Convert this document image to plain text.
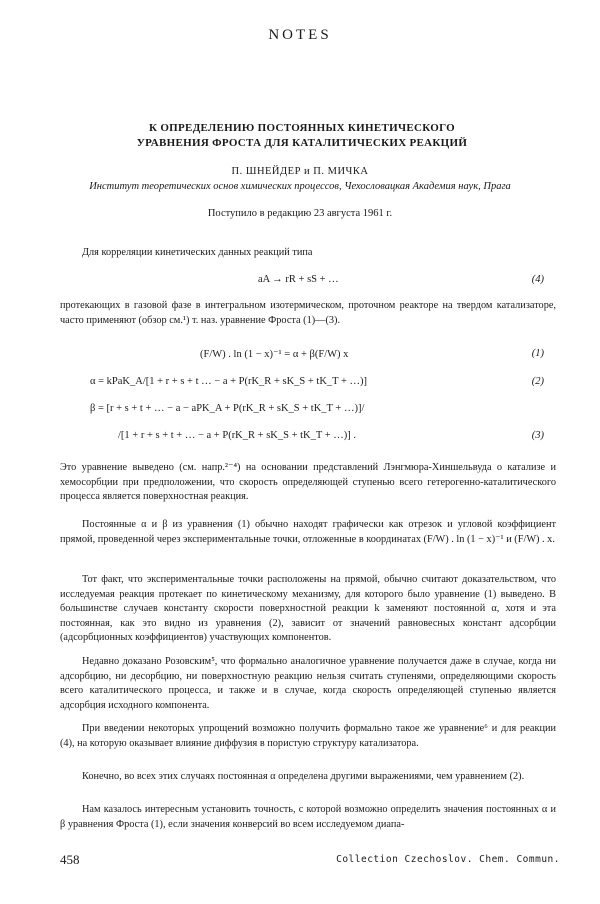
NOTES
К ОПРЕДЕЛЕНИЮ ПОСТОЯННЫХ КИНЕТИЧЕСКОГО
УРАВНЕНИЯ ФРОСТА ДЛЯ КАТАЛИТИЧЕСКИХ РЕАКЦИЙ
П. ШНЕЙДЕР и П. МИЧКА
Институт теоретических основ химических процессов, Чехословацкая Академия наук, Прага
Поступило в редакцию 23 августа 1961 г.
Для корреляции кинетических данных реакций типа
aA → rR + sS + …	(4)
протекающих в газовой фазе в интегральном изотермическом, проточном реакторе на твердом катализаторе, часто применяют (обзор см.¹) т. наз. уравнение Фроста (1)—(3).
(F/W) . ln (1 − x)⁻¹ = α + β(F/W) x	(1)
α = kPaK_A/[1 + r + s + t … − a + P(rK_R + sK_S + tK_T + …)]	(2)
β = [r + s + t + … − a − aPK_A + P(rK_R + sK_S + tK_T + …)]/
/[1 + r + s + t + … − a + P(rK_R + sK_S + tK_T + …)] .	(3)
Это уравнение выведено (см. напр.²⁻⁴) на основании представлений Лэнгмюра-Хиншельвуда о катализе и хемосорбции при предположении, что скорость определяющей ступенью всего гетерогенно-каталитического процесса является поверхностная реакция.
Постоянные α и β из уравнения (1) обычно находят графически как отрезок и угловой коэффициент прямой, проведенной через экспериментальные точки, отложенные в координатах (F/W) . ln (1 − x)⁻¹ и (F/W) . x.
Тот факт, что экспериментальные точки расположены на прямой, обычно считают доказательством, что исследуемая реакция протекает по кинетическому механизму, для которого было уравнение (1) выведено. В большинстве случаев константу скорости поверхностной реакции k заменяют постоянной α, хотя и эта постоянная, как это видно из уравнения (2), зависит от значений равновесных констант адсорбции (адсорбционных коэффициентов) участвующих компонентов.
Недавно доказано Розовским⁵, что формально аналогичное уравнение получается даже в случае, когда ни адсорбцию, ни десорбцию, ни поверхностную реакцию нельзя считать ступенями, определяющими скорость всего каталитического процесса, и также и в случае, когда скорость определяющей ступенью является адсорбция исходного компонента.
При введении некоторых упрощений возможно получить формально такое же уравнение⁶ и для реакции (4), на которую оказывает влияние диффузия в пористую структуру катализатора.
Конечно, во всех этих случаях постоянная α определена другими выражениями, чем уравнением (2).
Нам казалось интересным установить точность, с которой возможно определить значения постоянных α и β уравнения Фроста (1), если значения конверсий во всем исследуемом диапа-
458	Collection Czechoslov. Chem. Commun.
